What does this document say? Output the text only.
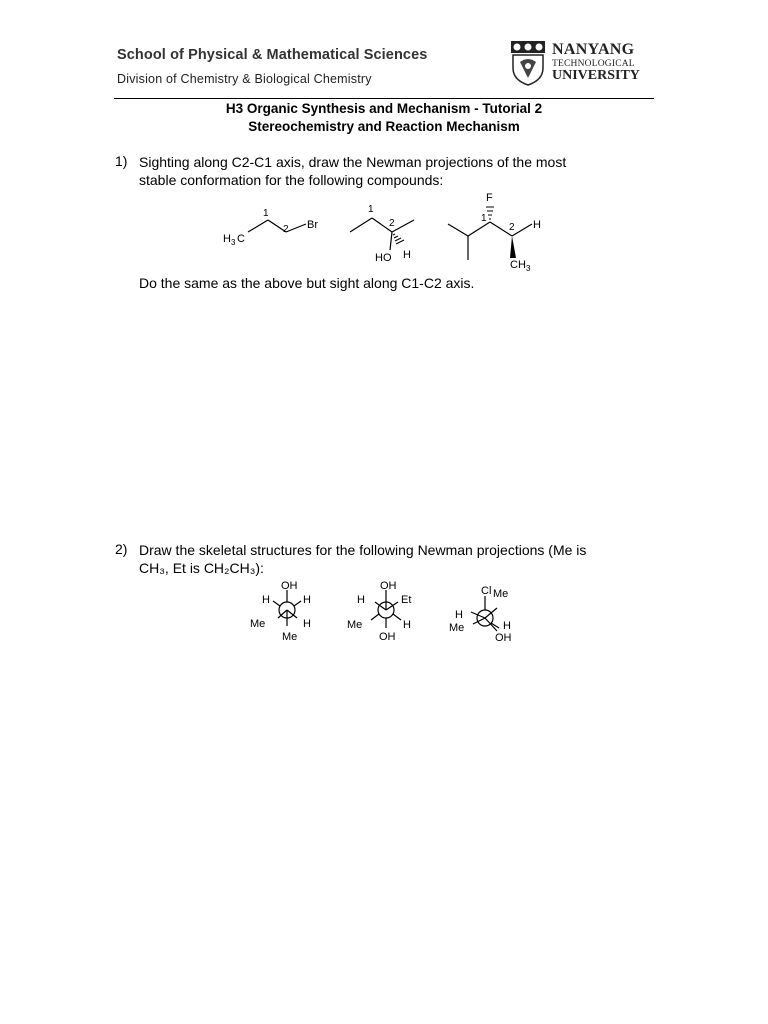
School of Physical & Mathematical Sciences
Division of Chemistry & Biological Chemistry
NANYANG
TECHNOLOGICAL
UNIVERSITY
H3 Organic Synthesis and Mechanism - Tutorial 2
Stereochemistry and Reaction Mechanism
1) Sighting along C2-C1 axis, draw the Newman projections of the most
stable conformation for the following compounds:
1
2
H 3 C
Br
1
2
HO H
F
1
2 H
CH 3
Do the same as the above but sight along C1-C2 axis.
2) Draw the skeletal structures for the following Newman projections (Me is
CH₃, Et is CH₂CH₃):
OH
H	H
Me	H
Me
OH
H	Et
Me	H
OH
Cl Me
H
Me	H
OH
